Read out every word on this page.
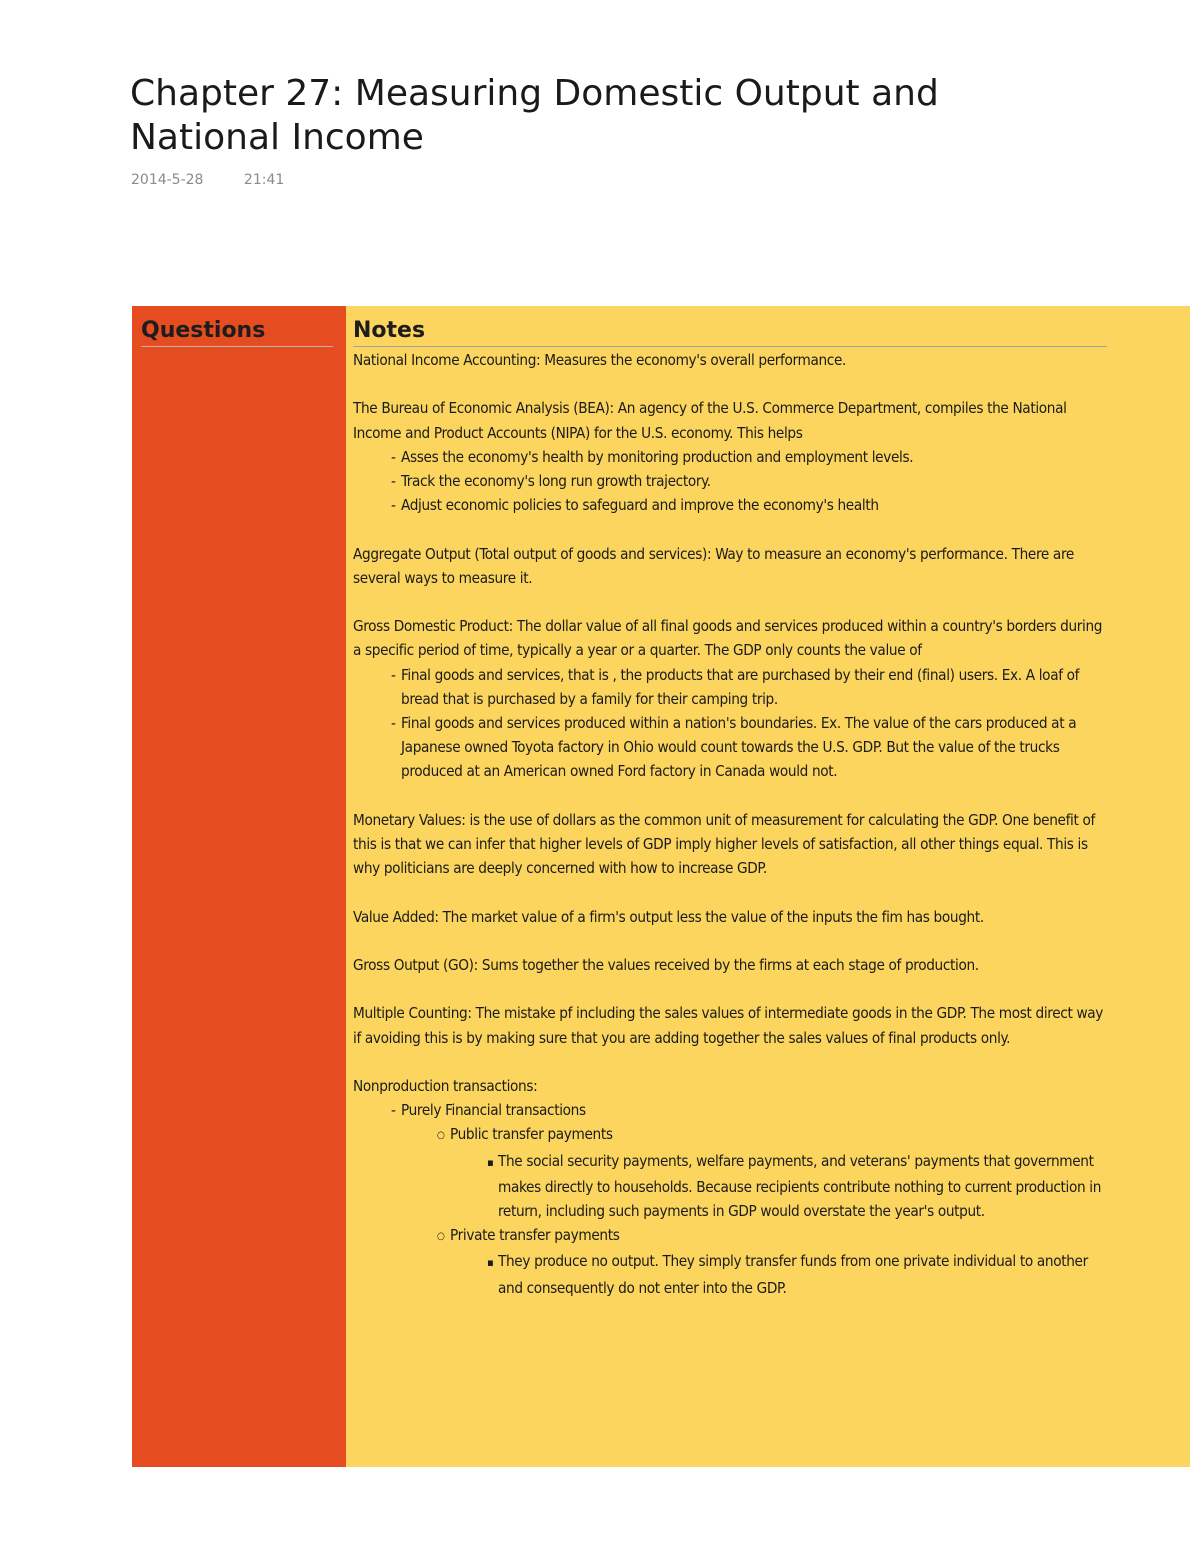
Chapter 27: Measuring Domestic Output and National Income
2014-5-28	21:41
Questions	Notes

National Income Accounting: Measures the economy's overall performance.

The Bureau of Economic Analysis (BEA): An agency of the U.S. Commerce Department, compiles the National Income and Product Accounts (NIPA) for the U.S. economy. This helps

- Asses the economy's health by monitoring production and employment levels.

- Track the economy's long run growth trajectory.

- Adjust economic policies to safeguard and improve the economy's health

Aggregate Output (Total output of goods and services): Way to measure an economy's performance. There are several ways to measure it.

Gross Domestic Product: The dollar value of all final goods and services produced within a country's borders during a specific period of time, typically a year or a quarter. The GDP only counts the value of

- Final goods and services, that is , the products that are purchased by their end (final) users. Ex. A loaf of bread that is purchased by a family for their camping trip.

- Final goods and services produced within a nation's boundaries. Ex. The value of the cars produced at a Japanese owned Toyota factory in Ohio would count towards the U.S. GDP. But the value of the trucks produced at an American owned Ford factory in Canada would not.

Monetary Values: is the use of dollars as the common unit of measurement for calculating the GDP. One benefit of this is that we can infer that higher levels of GDP imply higher levels of satisfaction, all other things equal. This is why politicians are deeply concerned with how to increase GDP.

Value Added: The market value of a firm's output less the value of the inputs the fim has bought.

Gross Output (GO): Sums together the values received by the firms at each stage of production.

Multiple Counting: The mistake pf including the sales values of intermediate goods in the GDP. The most direct way if avoiding this is by making sure that you are adding together the sales values of final products only.

Nonproduction transactions:

- Purely Financial transactions

○ Public transfer payments

▪ The social security payments, welfare payments, and veterans' payments that government makes directly to households. Because recipients contribute nothing to current production in return, including such payments in GDP would overstate the year's output.

○ Private transfer payments

▪ They produce no output. They simply transfer funds from one private individual to another and consequently do not enter into the GDP.
